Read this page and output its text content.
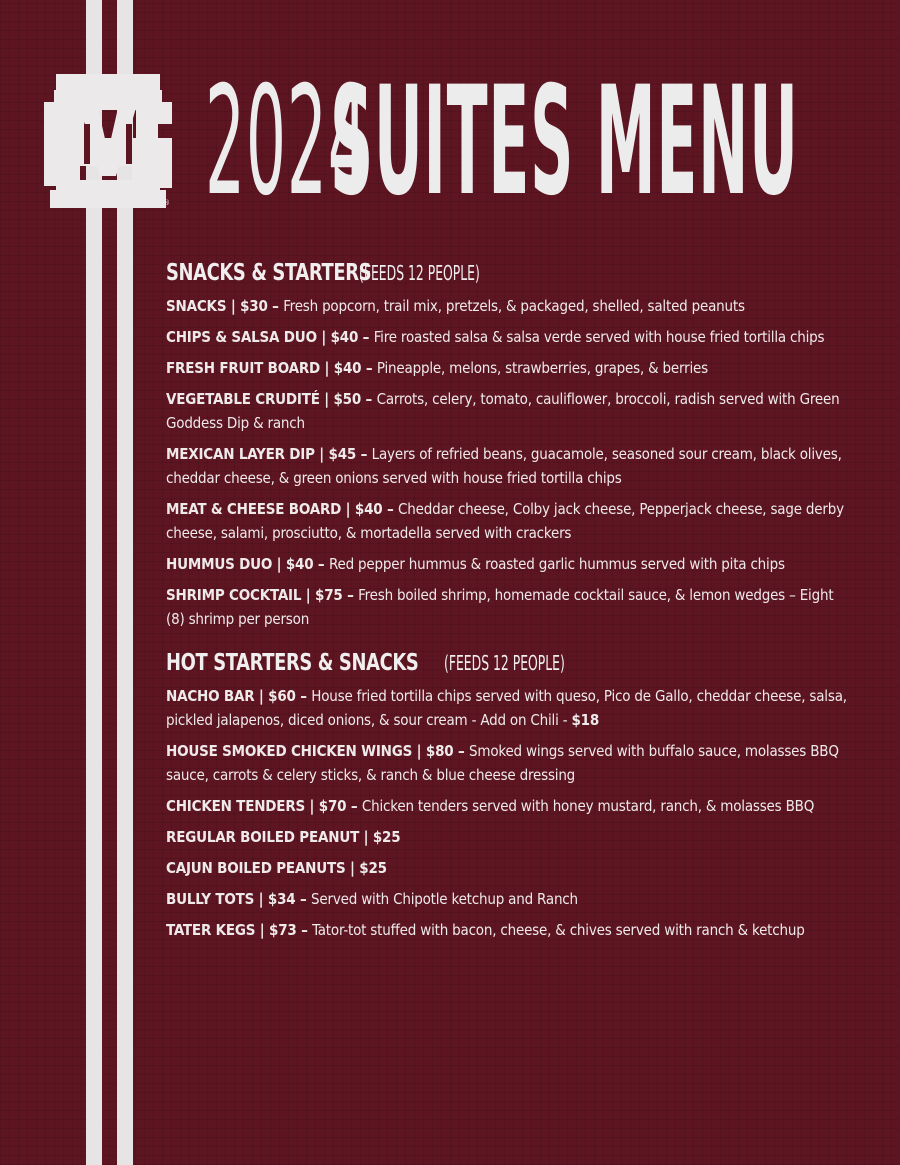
® 2024
SUITES MENU
SNACKS & STARTERS (FEEDS 12 PEOPLE)
SNACKS | $30 – Fresh popcorn, trail mix, pretzels, & packaged, shelled, salted peanuts
CHIPS & SALSA DUO | $40 – Fire roasted salsa & salsa verde served with house fried tortilla chips
FRESH FRUIT BOARD | $40 – Pineapple, melons, strawberries, grapes, & berries
VEGETABLE CRUDITÉ | $50 – Carrots, celery, tomato, cauliflower, broccoli, radish served with Green Goddess Dip & ranch
MEXICAN LAYER DIP | $45 – Layers of refried beans, guacamole, seasoned sour cream, black olives, cheddar cheese, & green onions served with house fried tortilla chips
MEAT & CHEESE BOARD | $40 – Cheddar cheese, Colby jack cheese, Pepperjack cheese, sage derby cheese, salami, prosciutto, & mortadella served with crackers
HUMMUS DUO | $40 – Red pepper hummus & roasted garlic hummus served with pita chips
SHRIMP COCKTAIL | $75 – Fresh boiled shrimp, homemade cocktail sauce, & lemon wedges – Eight (8) shrimp per person
HOT STARTERS & SNACKS (FEEDS 12 PEOPLE)
NACHO BAR | $60 – House fried tortilla chips served with queso, Pico de Gallo, cheddar cheese, salsa, pickled jalapenos, diced onions, & sour cream - Add on Chili - $18
HOUSE SMOKED CHICKEN WINGS | $80 – Smoked wings served with buffalo sauce, molasses BBQ sauce, carrots & celery sticks, & ranch & blue cheese dressing
CHICKEN TENDERS | $70 – Chicken tenders served with honey mustard, ranch, & molasses BBQ
REGULAR BOILED PEANUT | $25
CAJUN BOILED PEANUTS | $25
BULLY TOTS | $34 – Served with Chipotle ketchup and Ranch
TATER KEGS | $73 – Tator-tot stuffed with bacon, cheese, & chives served with ranch & ketchup
